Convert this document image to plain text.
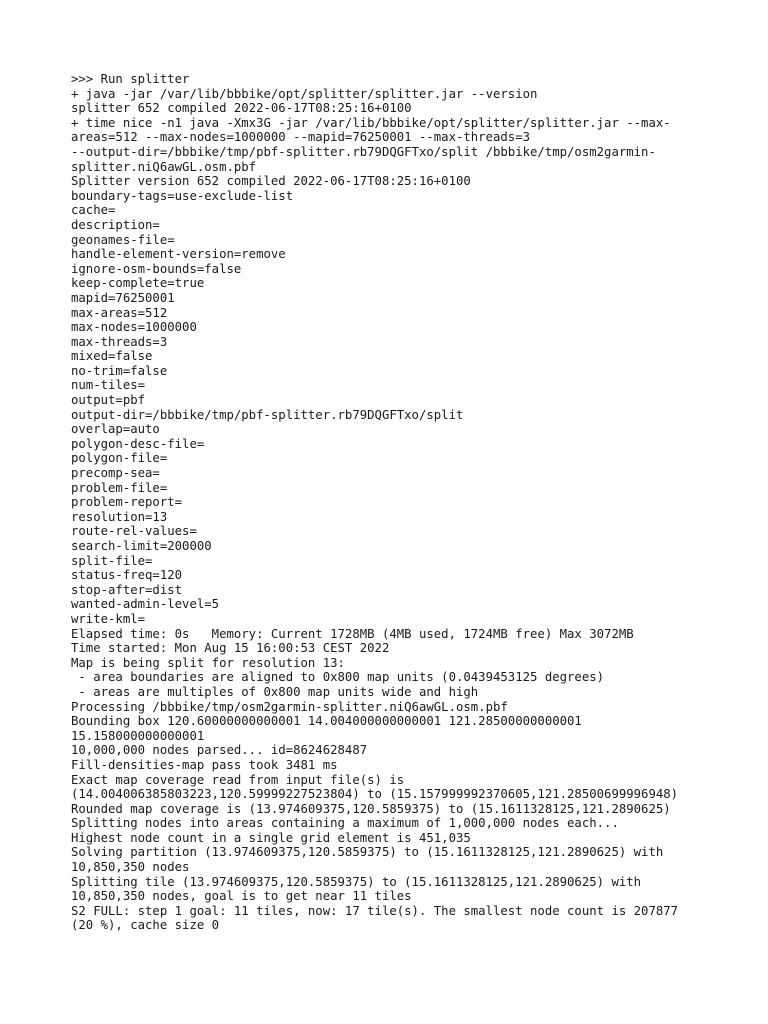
>>> Run splitter
+ java -jar /var/lib/bbbike/opt/splitter/splitter.jar --version
splitter 652 compiled 2022-06-17T08:25:16+0100
+ time nice -n1 java -Xmx3G -jar /var/lib/bbbike/opt/splitter/splitter.jar --max-
areas=512 --max-nodes=1000000 --mapid=76250001 --max-threads=3
--output-dir=/bbbike/tmp/pbf-splitter.rb79DQGFTxo/split /bbbike/tmp/osm2garmin-
splitter.niQ6awGL.osm.pbf
Splitter version 652 compiled 2022-06-17T08:25:16+0100
boundary-tags=use-exclude-list
cache=
description=
geonames-file=
handle-element-version=remove
ignore-osm-bounds=false
keep-complete=true
mapid=76250001
max-areas=512
max-nodes=1000000
max-threads=3
mixed=false
no-trim=false
num-tiles=
output=pbf
output-dir=/bbbike/tmp/pbf-splitter.rb79DQGFTxo/split
overlap=auto
polygon-desc-file=
polygon-file=
precomp-sea=
problem-file=
problem-report=
resolution=13
route-rel-values=
search-limit=200000
split-file=
status-freq=120
stop-after=dist
wanted-admin-level=5
write-kml=
Elapsed time: 0s   Memory: Current 1728MB (4MB used, 1724MB free) Max 3072MB
Time started: Mon Aug 15 16:00:53 CEST 2022
Map is being split for resolution 13:
- area boundaries are aligned to 0x800 map units (0.0439453125 degrees)
- areas are multiples of 0x800 map units wide and high
Processing /bbbike/tmp/osm2garmin-splitter.niQ6awGL.osm.pbf
Bounding box 120.60000000000001 14.004000000000001 121.28500000000001
15.158000000000001
10,000,000 nodes parsed... id=8624628487
Fill-densities-map pass took 3481 ms
Exact map coverage read from input file(s) is
(14.004006385803223,120.59999227523804) to (15.157999992370605,121.28500699996948)
Rounded map coverage is (13.974609375,120.5859375) to (15.1611328125,121.2890625)
Splitting nodes into areas containing a maximum of 1,000,000 nodes each...
Highest node count in a single grid element is 451,035
Solving partition (13.974609375,120.5859375) to (15.1611328125,121.2890625) with
10,850,350 nodes
Splitting tile (13.974609375,120.5859375) to (15.1611328125,121.2890625) with
10,850,350 nodes, goal is to get near 11 tiles
S2 FULL: step 1 goal: 11 tiles, now: 17 tile(s). The smallest node count is 207877
(20 %), cache size 0
